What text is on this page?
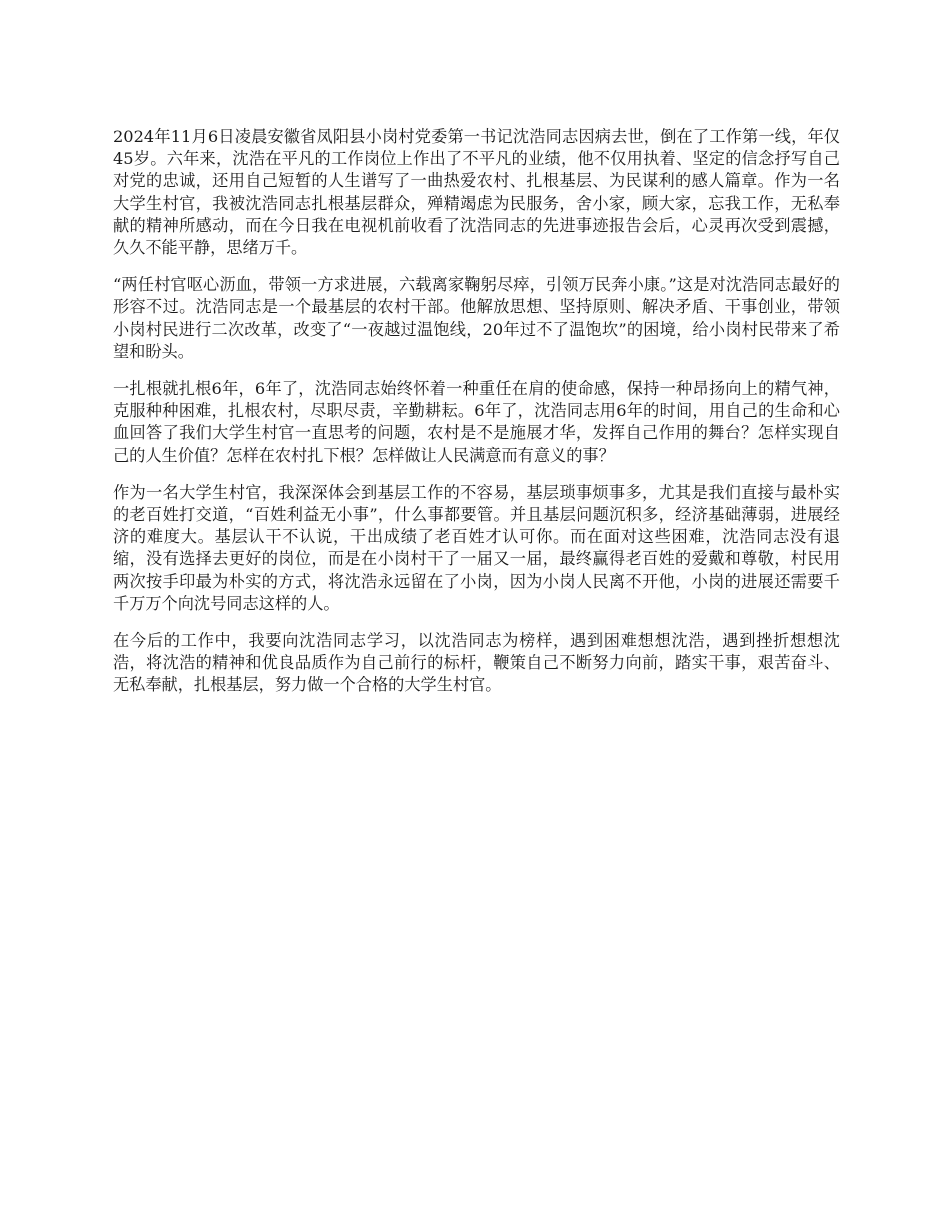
2024年11月6日凌晨安徽省凤阳县小岗村党委第一书记沈浩同志因病去世，倒在了工作第一线，年仅45岁。六年来，沈浩在平凡的工作岗位上作出了不平凡的业绩，他不仅用执着、坚定的信念抒写自己对党的忠诚，还用自己短暂的人生谱写了一曲热爱农村、扎根基层、为民谋利的感人篇章。作为一名大学生村官，我被沈浩同志扎根基层群众，殚精竭虑为民服务，舍小家，顾大家，忘我工作，无私奉献的精神所感动，而在今日我在电视机前收看了沈浩同志的先进事迹报告会后，心灵再次受到震撼，久久不能平静，思绪万千。

“两任村官呕心沥血，带领一方求进展，六载离家鞠躬尽瘁，引领万民奔小康。”这是对沈浩同志最好的形容不过。沈浩同志是一个最基层的农村干部。他解放思想、坚持原则、解决矛盾、干事创业，带领小岗村民进行二次改革，改变了“一夜越过温饱线，20年过不了温饱坎”的困境，给小岗村民带来了希望和盼头。

一扎根就扎根6年，6年了，沈浩同志始终怀着一种重任在肩的使命感，保持一种昂扬向上的精气神，克服种种困难，扎根农村，尽职尽责，辛勤耕耘。6年了，沈浩同志用6年的时间，用自己的生命和心血回答了我们大学生村官一直思考的问题，农村是不是施展才华，发挥自己作用的舞台？怎样实现自己的人生价值？怎样在农村扎下根？怎样做让人民满意而有意义的事？

作为一名大学生村官，我深深体会到基层工作的不容易，基层琐事烦事多，尤其是我们直接与最朴实的老百姓打交道，“百姓利益无小事”，什么事都要管。并且基层问题沉积多，经济基础薄弱，进展经济的难度大。基层认干不认说，干出成绩了老百姓才认可你。而在面对这些困难，沈浩同志没有退缩，没有选择去更好的岗位，而是在小岗村干了一届又一届，最终赢得老百姓的爱戴和尊敬，村民用两次按手印最为朴实的方式，将沈浩永远留在了小岗，因为小岗人民离不开他，小岗的进展还需要千千万万个向沈号同志这样的人。

在今后的工作中，我要向沈浩同志学习，以沈浩同志为榜样，遇到困难想想沈浩，遇到挫折想想沈浩，将沈浩的精神和优良品质作为自己前行的标杆，鞭策自己不断努力向前，踏实干事，艰苦奋斗、无私奉献，扎根基层，努力做一个合格的大学生村官。
